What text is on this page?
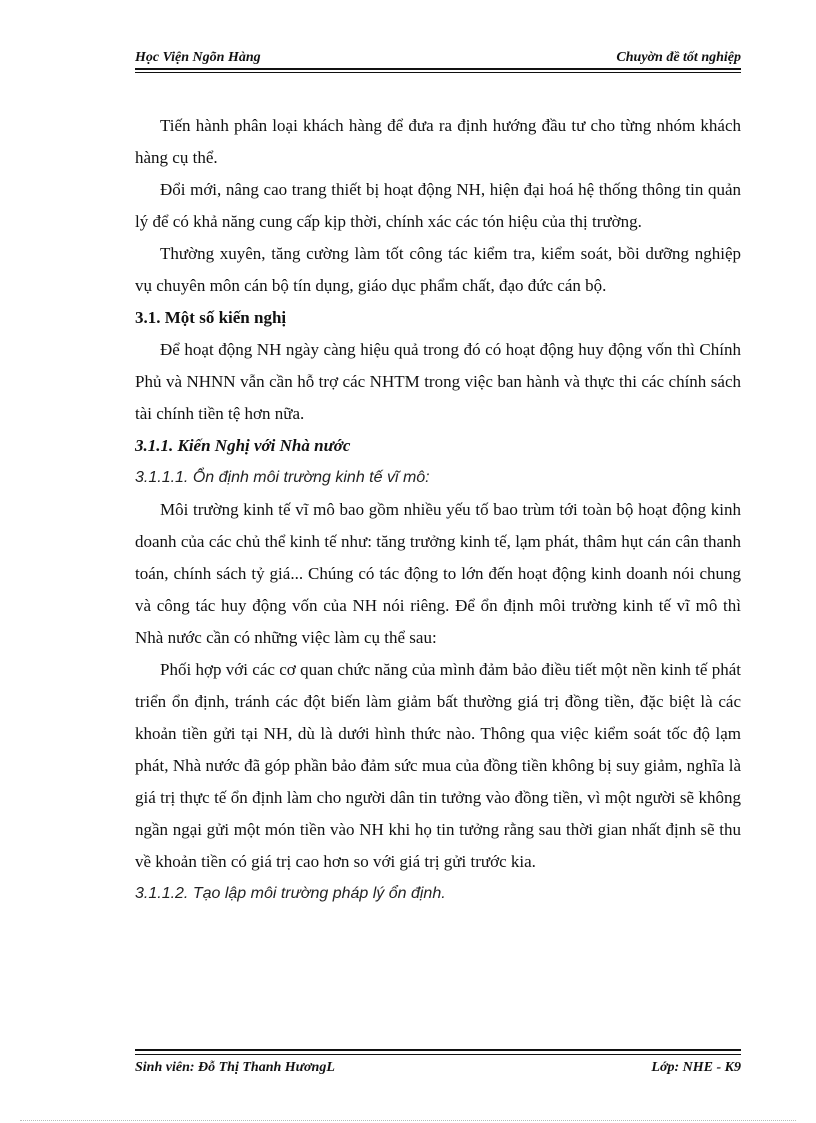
Học Viện Ngõn Hàng	Chuyờn đề tốt nghiệp

Tiến hành phân loại khách hàng để đưa ra định hướng đầu tư cho từng nhóm khách hàng cụ thể.

Đổi mới, nâng cao trang thiết bị hoạt động NH, hiện đại hoá hệ thống thông tin quản lý để có khả năng cung cấp kịp thời, chính xác các tón hiệu của thị trường.

Thường xuyên, tăng cường làm tốt công tác kiểm tra, kiểm soát, bồi dưỡng nghiệp vụ chuyên môn cán bộ tín dụng, giáo dục phẩm chất, đạo đức cán bộ.

3.1. Một số kiến nghị

Để hoạt động NH ngày càng hiệu quả trong đó có hoạt động huy động vốn thì Chính Phủ và NHNN vẫn cần hỗ trợ các NHTM trong việc ban hành và thực thi các chính sách tài chính tiền tệ hơn nữa.

3.1.1. Kiến Nghị với Nhà nước

3.1.1.1. Ổn định môi trường kinh tế vĩ mô:

Môi trường kinh tế vĩ mô bao gồm nhiều yếu tố bao trùm tới toàn bộ hoạt động kinh doanh của các chủ thể kinh tế như: tăng trưởng kinh tế, lạm phát, thâm hụt cán cân thanh toán, chính sách tỷ giá... Chúng có tác động to lớn đến hoạt động kinh doanh nói chung và công tác huy động vốn của NH nói riêng. Để ổn định môi trường kinh tế vĩ mô thì Nhà nước cần có những việc làm cụ thể sau:

Phối hợp với các cơ quan chức năng của mình đảm bảo điều tiết một nền kinh tế phát triển ổn định, tránh các đột biến làm giảm bất thường giá trị đồng tiền, đặc biệt là các khoản tiền gửi tại NH, dù là dưới hình thức nào. Thông qua việc kiểm soát tốc độ lạm phát, Nhà nước đã góp phần bảo đảm sức mua của đồng tiền không bị suy giảm, nghĩa là giá trị thực tế ổn định làm cho người dân tin tưởng vào đồng tiền, vì một người sẽ không ngần ngại gửi một món tiền vào NH khi họ tin tưởng rằng sau thời gian nhất định sẽ thu về khoản tiền có giá trị cao hơn so với giá trị gửi trước kia.

3.1.1.2. Tạo lập môi trường pháp lý ổn định.

Sinh viên: Đỗ Thị Thanh HươngL	Lớp: NHE - K9
